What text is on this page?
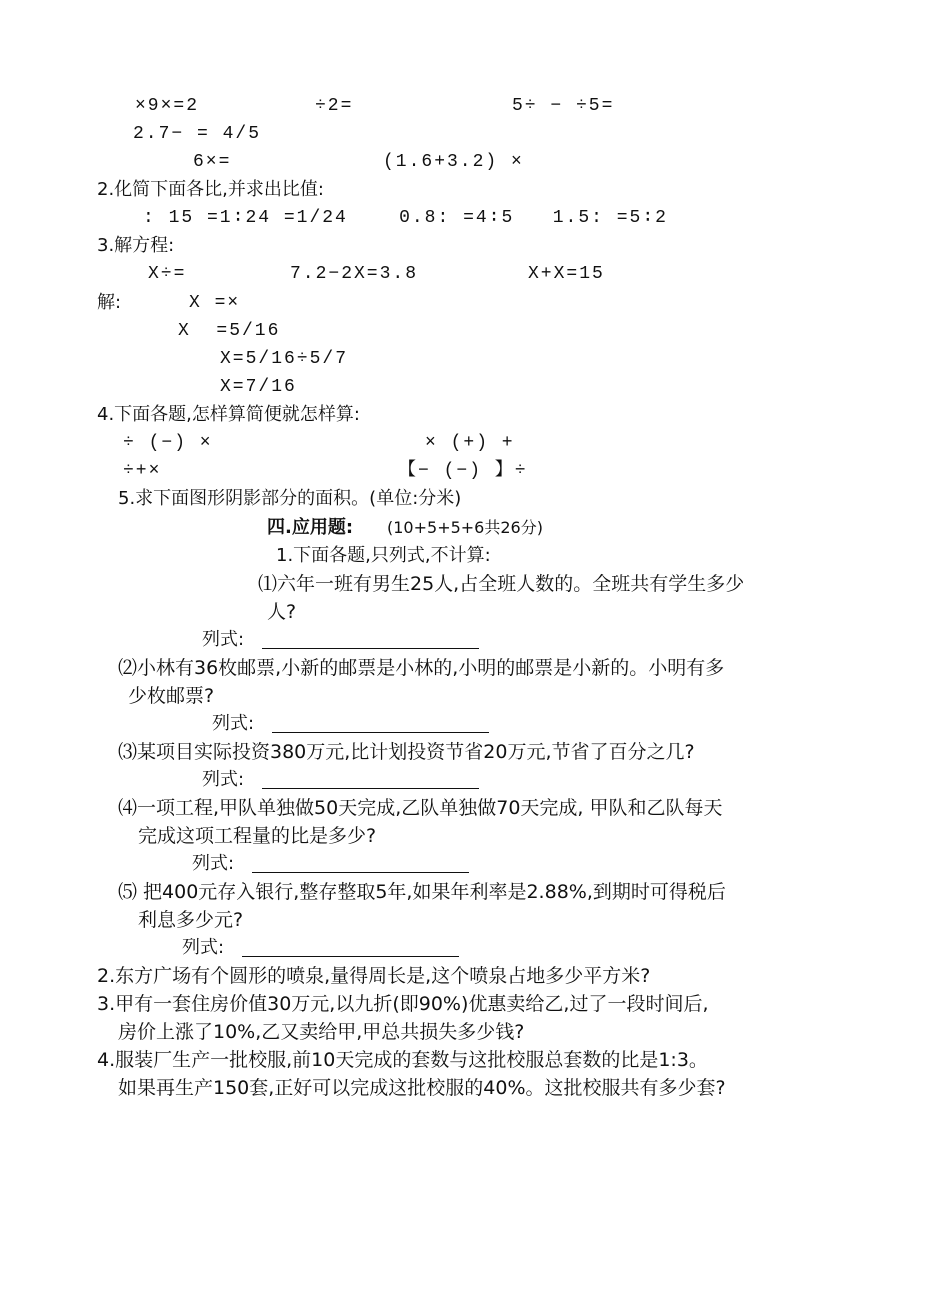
×9×=2	÷2=	5÷ − ÷5=
2.7− = 4/5
6×=	(1.6+3.2) ×
2.化简下面各比,并求出比值:
: 15 =1∶24 =1/24    0.8: =4∶5   1.5: =5∶2
3.解方程:
X÷=	7.2−2X=3.8	X+X=15
解:	X =×
X  =5/16
X=5/16÷5/7
X=7/16
4.下面各题,怎样算简便就怎样算:
÷ (−) ×	× (+) +
÷+×	【− (−) 】÷
5.求下面图形阴影部分的面积。(单位:分米)
四.应用题: (10+5+5+6共26分)
1.下面各题,只列式,不计算:
⑴六年一班有男生25人,占全班人数的。全班共有学生多少
人?
列式:
⑵小林有36枚邮票,小新的邮票是小林的,小明的邮票是小新的。小明有多
少枚邮票?
列式:
⑶某项目实际投资380万元,比计划投资节省20万元,节省了百分之几?
列式:
⑷一项工程,甲队单独做50天完成,乙队单独做70天完成, 甲队和乙队每天
完成这项工程量的比是多少?
列式:
⑸ 把400元存入银行,整存整取5年,如果年利率是2.88%,到期时可得税后
利息多少元?
列式:
2.东方广场有个圆形的喷泉,量得周长是,这个喷泉占地多少平方米?
3.甲有一套住房价值30万元,以九折(即90%)优惠卖给乙,过了一段时间后,
房价上涨了10%,乙又卖给甲,甲总共损失多少钱?
4.服装厂生产一批校服,前10天完成的套数与这批校服总套数的比是1:3。
如果再生产150套,正好可以完成这批校服的40%。这批校服共有多少套?
